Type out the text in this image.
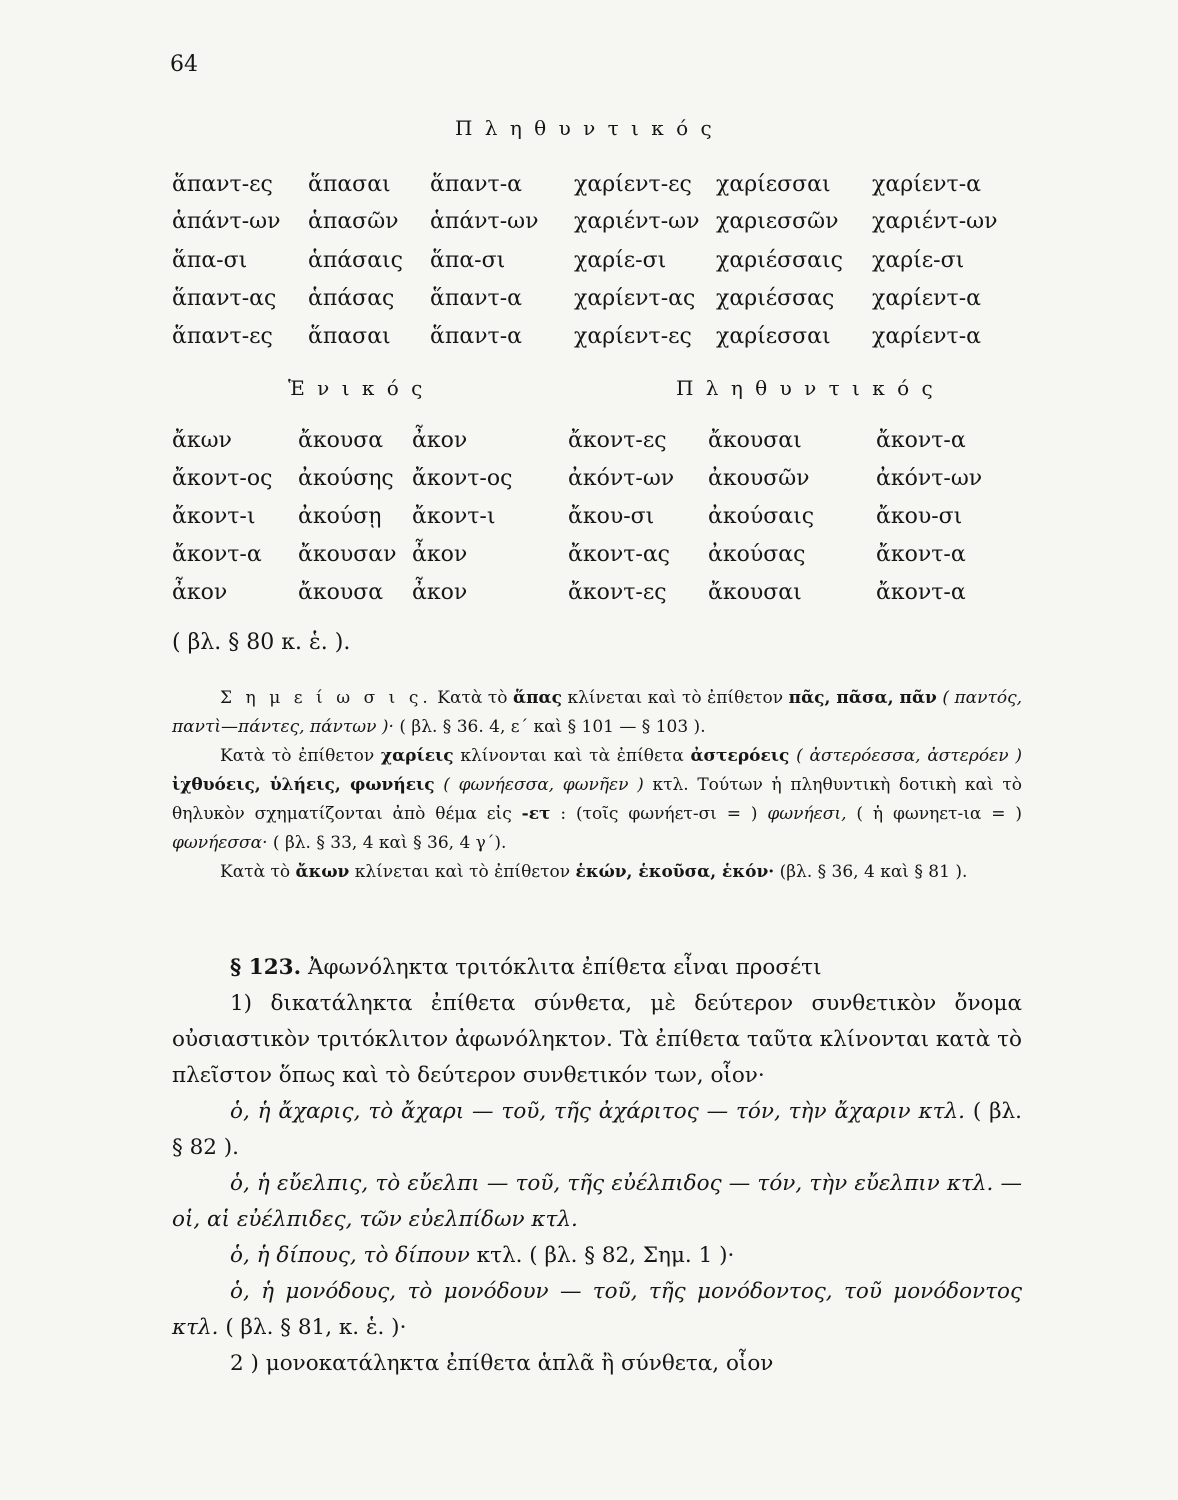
64
Π λ η θ υ ν τ ι κ ό ς
ἅπαντ-ες ἅπασαι ἅπαντ-α χαρίεντ-ες χαρίεσσαι χαρίεντ-α
ἁπάντ-ων ἁπασῶν ἁπάντ-ων χαριέντ-ων χαριεσσῶν χαριέντ-ων
ἅπα-σι	ἁπάσαις ἅπα-σι	χαρίε-σι χαριέσσαις χαρίε-σι
ἅπαντ-ας ἁπάσας ἅπαντ-α χαρίεντ-ας χαριέσσας χαρίεντ-α
ἅπαντ-ες ἅπασαι ἅπαντ-α χαρίεντ-ες χαρίεσσαι χαρίεντ-α
Ἑ ν ι κ ό ς	Π λ η θ υ ν τ ι κ ό ς
ἄκων	ἄκουσα ἆκον	ἄκοντ-ες ἄκουσαι	ἄκοντ-α
ἄκοντ-ος ἀκούσης ἄκοντ-ος	ἀκόντ-ων ἀκουσῶν	ἀκόντ-ων
ἄκοντ-ι ἀκούσῃ ἄκοντ-ι	ἄκου-σι ἀκούσαις	ἄκου-σι
ἄκοντ-α ἄκουσαν ἆκον	ἄκοντ-ας ἀκούσας	ἄκοντ-α
ἆκον	ἄκουσα ἆκον	ἄκοντ-ες ἄκουσαι	ἄκοντ-α
( βλ. § 80 κ. ἑ. ).

Σ η μ ε ί ω σ ι ς. Κατὰ τὸ ἅπας κλίνεται καὶ τὸ ἐπίθετον πᾶς, πᾶσα, πᾶν ( παντός, παντὶ—πάντες, πάντων )· ( βλ. § 36. 4, ε΄ καὶ § 101 — § 103 ).

Κατὰ τὸ ἐπίθετον χαρίεις κλίνονται καὶ τὰ ἐπίθετα ἀστερόεις ( ἀστερόεσσα, ἀστερόεν ) ἰχθυόεις, ὑλήεις, φωνήεις ( φωνήεσσα, φωνῆεν ) κτλ. Τούτων ἡ πληθυντικὴ δοτικὴ καὶ τὸ θηλυκὸν σχηματίζονται ἀπὸ θέμα εἰς -ετ : (τοῖς φωνήετ-σι = ) φωνήεσι, ( ἡ φωνηετ-ια = ) φωνήεσσα· ( βλ. § 33, 4 καὶ § 36, 4 γ΄).

Κατὰ τὸ ἄκων κλίνεται καὶ τὸ ἐπίθετον ἑκών, ἑκοῦσα, ἑκόν· (βλ. § 36, 4 καὶ § 81 ).

§ 123. Ἀφωνόληκτα τριτόκλιτα ἐπίθετα εἶναι προσέτι

1) δικατάληκτα ἐπίθετα σύνθετα, μὲ δεύτερον συνθετικὸν ὄνομα οὐσιαστικὸν τριτόκλιτον ἀφωνόληκτον. Τὰ ἐπίθετα ταῦτα κλίνονται κατὰ τὸ πλεῖστον ὅπως καὶ τὸ δεύτερον συνθετικόν των, οἷον·

ὁ, ἡ ἄχαρις, τὸ ἄχαρι — τοῦ, τῆς ἀχάριτος — τόν, τὴν ἄχαριν κτλ. ( βλ. § 82 ).

ὁ, ἡ εὔελπις, τὸ εὔελπι — τοῦ, τῆς εὐέλπιδος — τόν, τὴν εὔελπιν κτλ. — οἱ, αἱ εὐέλπιδες, τῶν εὐελπίδων κτλ.

ὁ, ἡ δίπους, τὸ δίπουν κτλ. ( βλ. § 82, Σημ. 1 )·

ὁ, ἡ μονόδους, τὸ μονόδουν — τοῦ, τῆς μονόδοντος, τοῦ μονόδοντος κτλ. ( βλ. § 81, κ. ἑ. )·

2 ) μονοκατάληκτα ἐπίθετα ἁπλᾶ ἢ σύνθετα, οἷον
